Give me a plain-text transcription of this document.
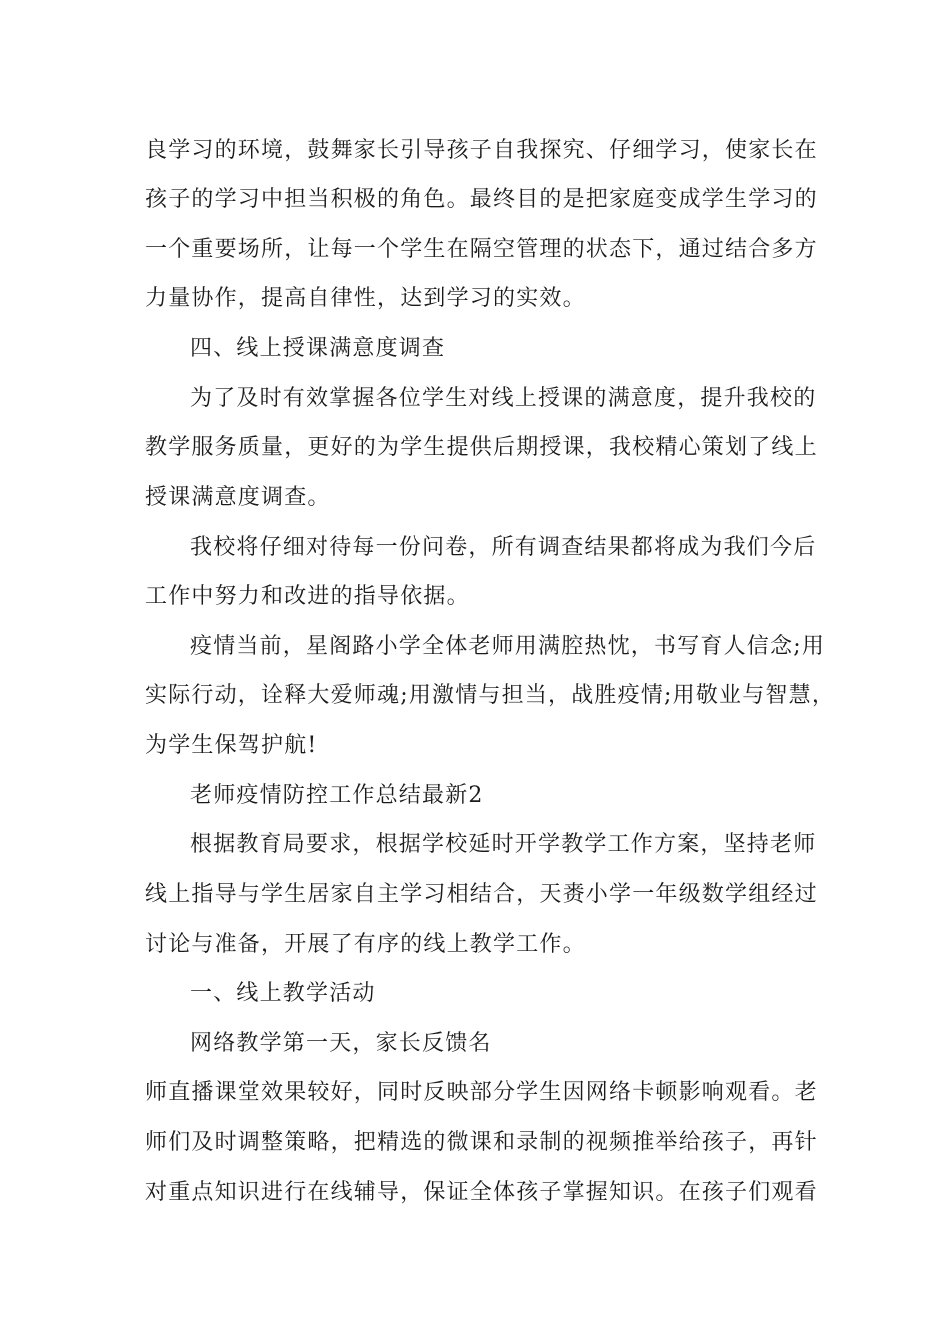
良学习的环境，鼓舞家长引导孩子自我探究、仔细学习，使家长在
孩子的学习中担当积极的角色。最终目的是把家庭变成学生学习的
一个重要场所，让每一个学生在隔空管理的状态下，通过结合多方
力量协作，提高自律性，达到学习的实效。
四、线上授课满意度调查
为了及时有效掌握各位学生对线上授课的满意度，提升我校的
教学服务质量，更好的为学生提供后期授课，我校精心策划了线上
授课满意度调查。
我校将仔细对待每一份问卷，所有调查结果都将成为我们今后
工作中努力和改进的指导依据。
疫情当前，星阁路小学全体老师用满腔热忱，书写育人信念;用
实际行动，诠释大爱师魂;用激情与担当，战胜疫情;用敬业与智慧，
为学生保驾护航!
老师疫情防控工作总结最新2
根据教育局要求，根据学校延时开学教学工作方案，坚持老师
线上指导与学生居家自主学习相结合，天赉小学一年级数学组经过
讨论与准备，开展了有序的线上教学工作。
一、线上教学活动
网络教学第一天，家长反馈名
师直播课堂效果较好，同时反映部分学生因网络卡顿影响观看。老
师们及时调整策略，把精选的微课和录制的视频推举给孩子，再针
对重点知识进行在线辅导，保证全体孩子掌握知识。在孩子们观看
